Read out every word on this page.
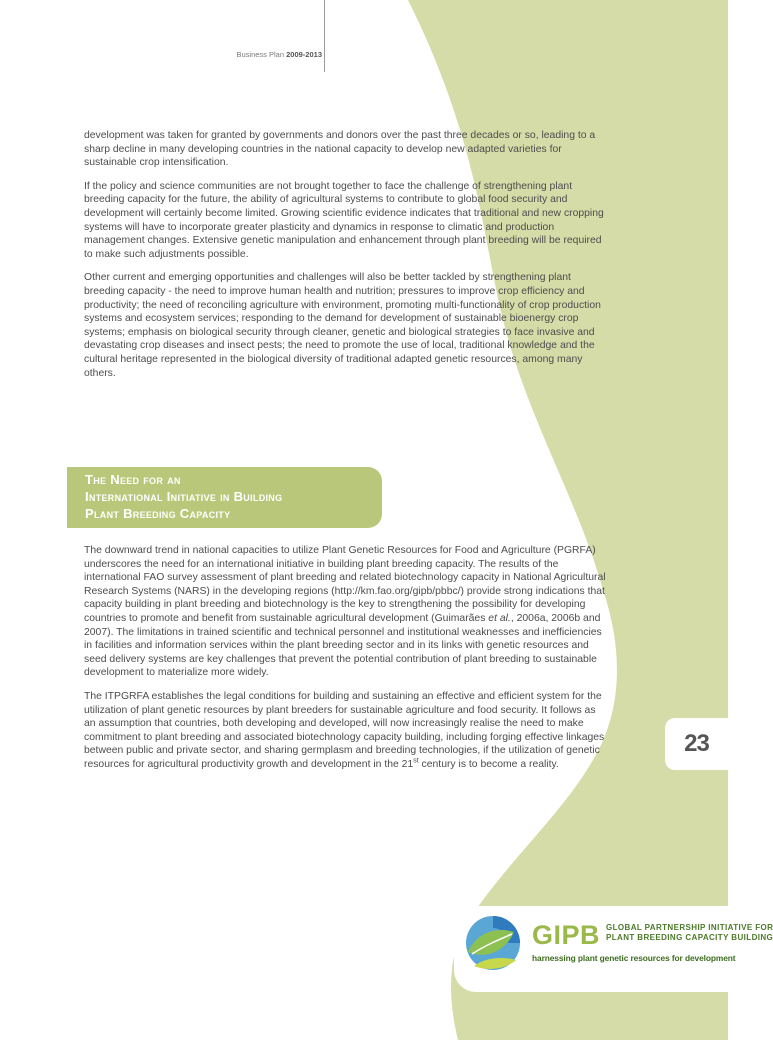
Business Plan 2009-2013

development was taken for granted by governments and donors over the past three decades or so, leading to a sharp decline in many developing countries in the national capacity to develop new adapted varieties for sustainable crop intensification.

If the policy and science communities are not brought together to face the challenge of strengthening plant breeding capacity for the future, the ability of agricultural systems to contribute to global food security and development will certainly become limited. Growing scientific evidence indicates that traditional and new cropping systems will have to incorporate greater plasticity and dynamics in response to climatic and production management changes. Extensive genetic manipulation and enhancement through plant breeding will be required to make such adjustments possible.

Other current and emerging opportunities and challenges will also be better tackled by strengthening plant breeding capacity - the need to improve human health and nutrition; pressures to improve crop efficiency and productivity; the need of reconciling agriculture with environment, promoting multi-functionality of crop production systems and ecosystem services; responding to the demand for development of sustainable bioenergy crop systems; emphasis on biological security through cleaner, genetic and biological strategies to face invasive and devastating crop diseases and insect pests; the need to promote the use of local, traditional knowledge and the cultural heritage represented in the biological diversity of traditional adapted genetic resources, among many others.

The Need for an
International Initiative in Building
Plant Breeding Capacity

The downward trend in national capacities to utilize Plant Genetic Resources for Food and Agriculture (PGRFA) underscores the need for an international initiative in building plant breeding capacity. The results of the international FAO survey assessment of plant breeding and related biotechnology capacity in National Agricultural Research Systems (NARS) in the developing regions (http://km.fao.org/gipb/pbbc/) provide strong indications that capacity building in plant breeding and biotechnology is the key to strengthening the possibility for developing countries to promote and benefit from sustainable agricultural development (Guimarães et al., 2006a, 2006b and 2007). The limitations in trained scientific and technical personnel and institutional weaknesses and inefficiencies in facilities and information services within the plant breeding sector and in its links with genetic resources and seed delivery systems are key challenges that prevent the potential contribution of plant breeding to sustainable development to materialize more widely.

The ITPGRFA establishes the legal conditions for building and sustaining an effective and efficient system for the utilization of plant genetic resources by plant breeders for sustainable agriculture and food security. It follows as an assumption that countries, both developing and developed, will now increasingly realise the need to make commitment to plant breeding and associated biotechnology capacity building, including forging effective linkages between public and private sector, and sharing germplasm and breeding technologies, if the utilization of genetic resources for agricultural productivity growth and development in the 21st century is to become a reality.

23
GIPB GLOBAL PARTNERSHIP INITIATIVE FOR
PLANT BREEDING CAPACITY BUILDING
harnessing plant genetic resources for development
